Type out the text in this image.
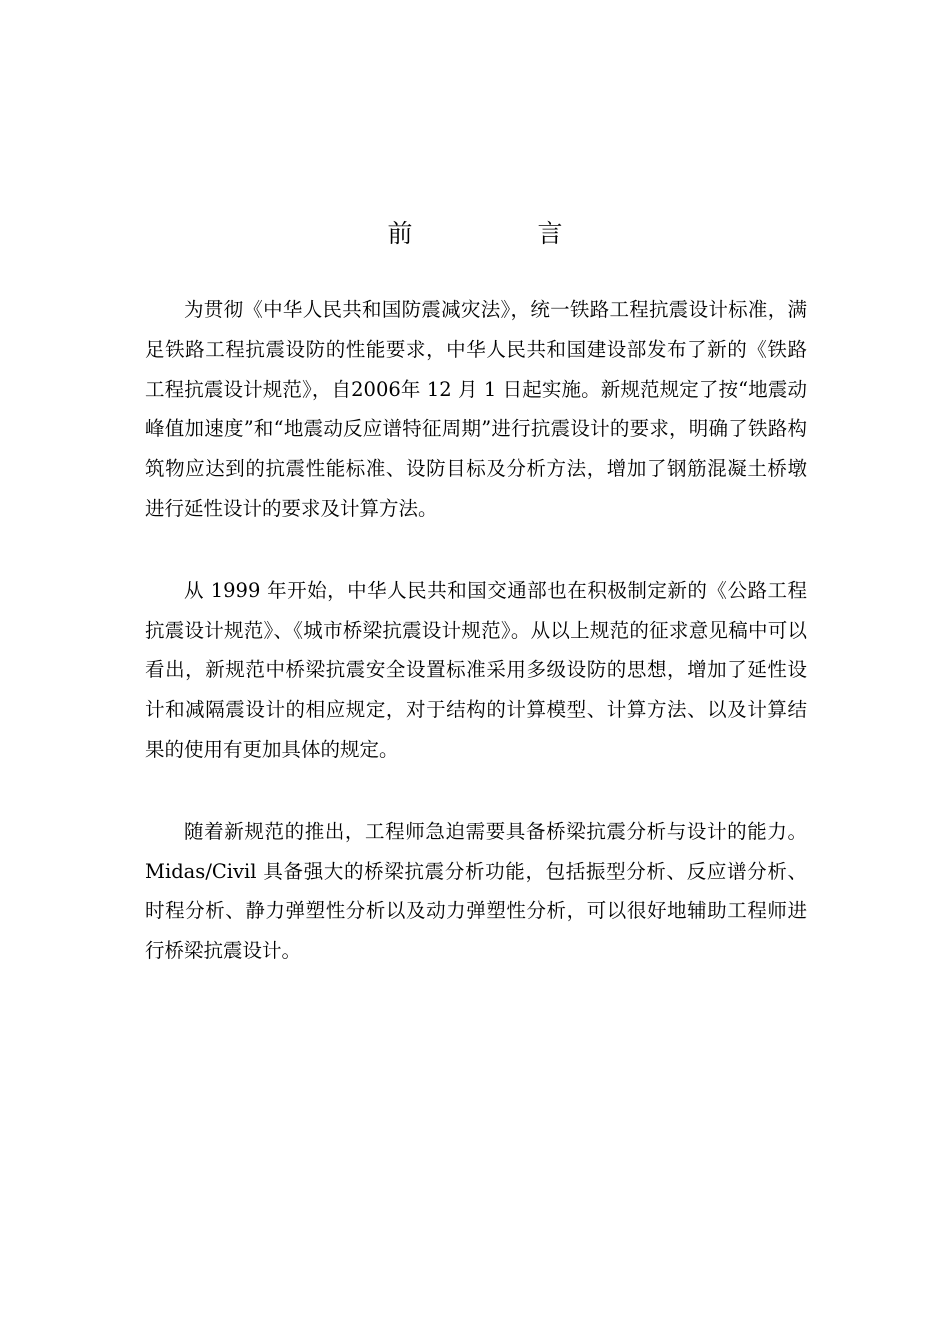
前　言

为贯彻《中华人民共和国防震减灾法》，统一铁路工程抗震设计标准，满足铁路工程抗震设防的性能要求，中华人民共和国建设部发布了新的《铁路工程抗震设计规范》，自2006年 12 月 1 日起实施。新规范规定了按“地震动峰值加速度”和“地震动反应谱特征周期”进行抗震设计的要求，明确了铁路构筑物应达到的抗震性能标准、设防目标及分析方法，增加了钢筋混凝土桥墩进行延性设计的要求及计算方法。

从 1999 年开始，中华人民共和国交通部也在积极制定新的《公路工程抗震设计规范》、《城市桥梁抗震设计规范》。从以上规范的征求意见稿中可以看出，新规范中桥梁抗震安全设置标准采用多级设防的思想，增加了延性设计和减隔震设计的相应规定，对于结构的计算模型、计算方法、以及计算结果的使用有更加具体的规定。

随着新规范的推出，工程师急迫需要具备桥梁抗震分析与设计的能力。Midas/Civil 具备强大的桥梁抗震分析功能，包括振型分析、反应谱分析、时程分析、静力弹塑性分析以及动力弹塑性分析，可以很好地辅助工程师进行桥梁抗震设计。
